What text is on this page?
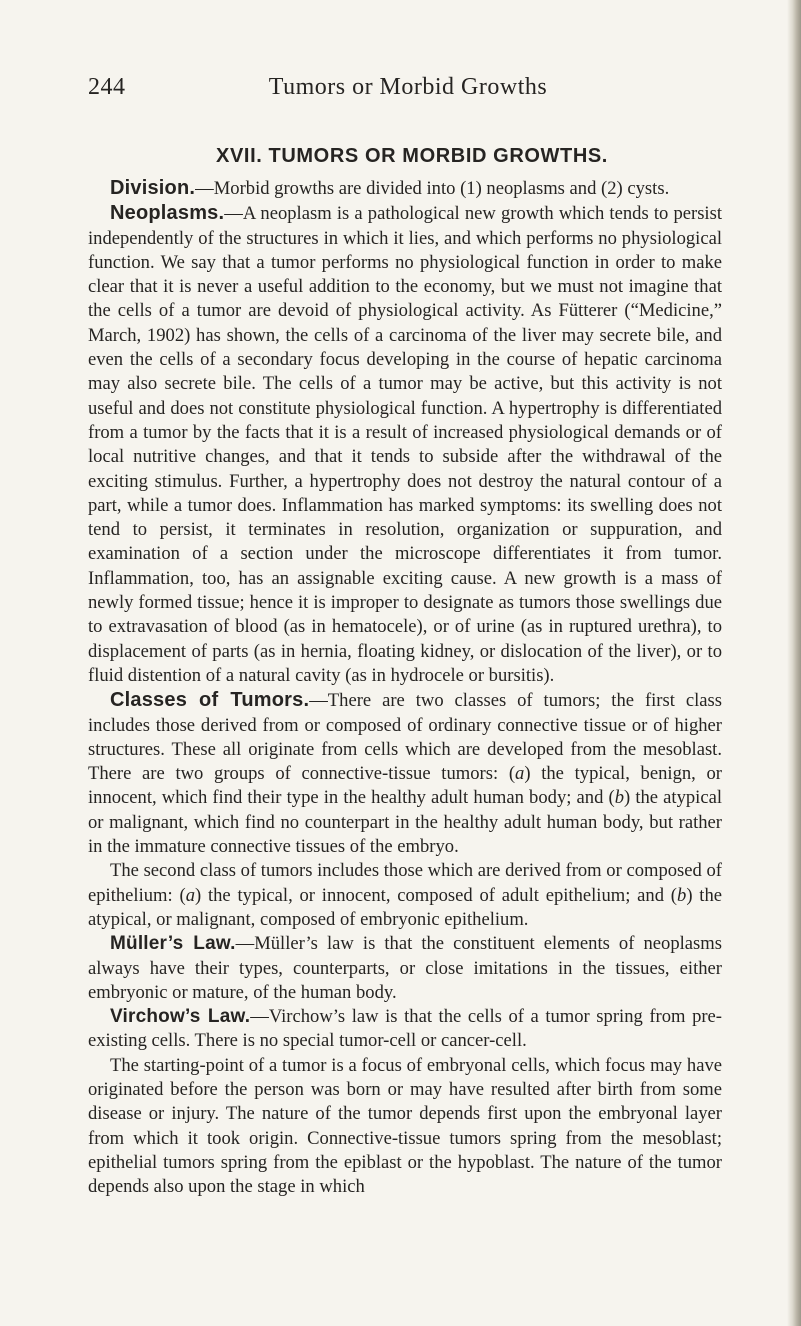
244	Tumors or Morbid Growths
XVII. TUMORS OR MORBID GROWTHS.

Division.—Morbid growths are divided into (1) neoplasms and (2) cysts.

Neoplasms.—A neoplasm is a pathological new growth which tends to persist independently of the structures in which it lies, and which performs no physiological function. We say that a tumor performs no physiological function in order to make clear that it is never a useful addition to the economy, but we must not imagine that the cells of a tumor are devoid of physiological activity. As Fütterer (“Medicine,” March, 1902) has shown, the cells of a carcinoma of the liver may secrete bile, and even the cells of a secondary focus developing in the course of hepatic carcinoma may also secrete bile. The cells of a tumor may be active, but this activity is not useful and does not constitute physiological function. A hypertrophy is differentiated from a tumor by the facts that it is a result of increased physiological demands or of local nutritive changes, and that it tends to subside after the withdrawal of the exciting stimulus. Further, a hypertrophy does not destroy the natural contour of a part, while a tumor does. Inflammation has marked symptoms: its swelling does not tend to persist, it terminates in resolution, organization or suppuration, and examination of a section under the microscope differentiates it from tumor. Inflammation, too, has an assignable exciting cause. A new growth is a mass of newly formed tissue; hence it is improper to designate as tumors those swellings due to extravasation of blood (as in hematocele), or of urine (as in ruptured urethra), to displacement of parts (as in hernia, floating kidney, or dislocation of the liver), or to fluid distention of a natural cavity (as in hydrocele or bursitis).

Classes of Tumors.—There are two classes of tumors; the first class includes those derived from or composed of ordinary connective tissue or of higher structures. These all originate from cells which are developed from the mesoblast. There are two groups of connective-tissue tumors: (a) the typical, benign, or innocent, which find their type in the healthy adult human body; and (b) the atypical or malignant, which find no counterpart in the healthy adult human body, but rather in the immature connective tissues of the embryo.

The second class of tumors includes those which are derived from or composed of epithelium: (a) the typical, or innocent, composed of adult epithelium; and (b) the atypical, or malignant, composed of embryonic epithelium.

Müller’s Law.—Müller’s law is that the constituent elements of neoplasms always have their types, counterparts, or close imitations in the tissues, either embryonic or mature, of the human body.

Virchow’s Law.—Virchow’s law is that the cells of a tumor spring from pre-existing cells. There is no special tumor-cell or cancer-cell.

The starting-point of a tumor is a focus of embryonal cells, which focus may have originated before the person was born or may have resulted after birth from some disease or injury. The nature of the tumor depends first upon the embryonal layer from which it took origin. Connective-tissue tumors spring from the mesoblast; epithelial tumors spring from the epiblast or the hypoblast. The nature of the tumor depends also upon the stage in which
